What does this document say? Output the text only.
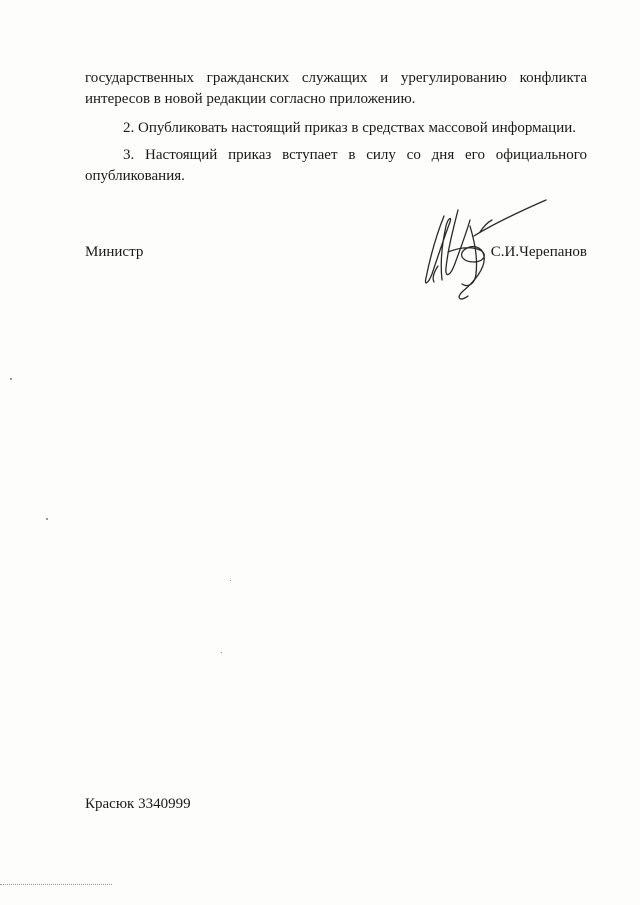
государственных гражданских служащих и урегулированию конфликта
интересов в новой редакции согласно приложению.
2. Опубликовать настоящий приказ в средствах массовой информации.
3. Настоящий приказ вступает в силу со дня его официального
опубликования.
Министр	С.И.Черепанов
Красюк 3340999
